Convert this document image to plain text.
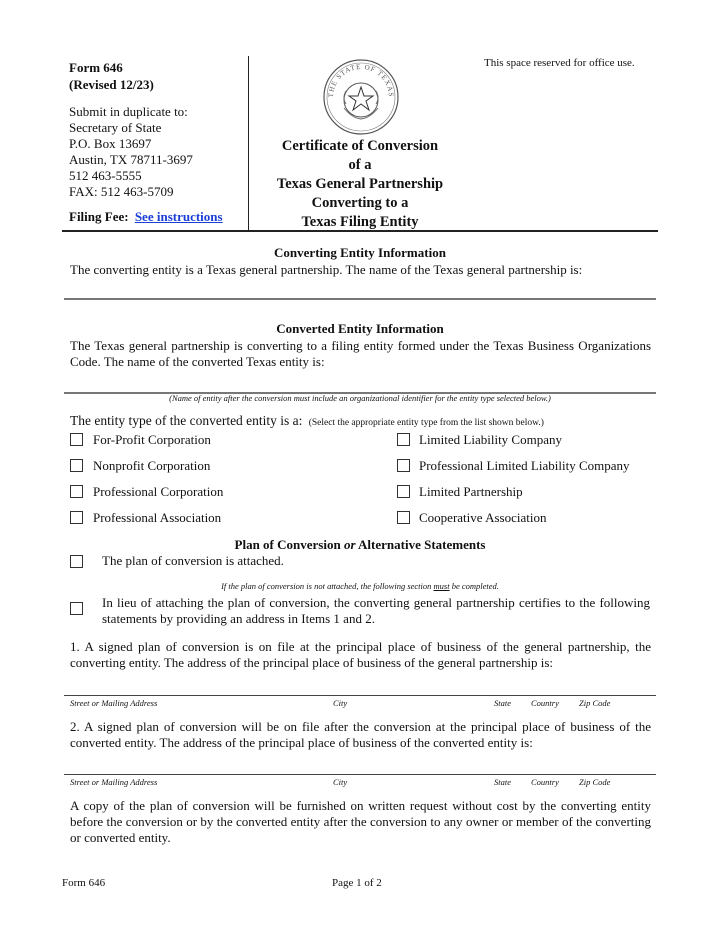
Form 646
(Revised 12/23)
Submit in duplicate to:
Secretary of State
P.O. Box 13697
Austin, TX 78711-3697
512 463-5555
FAX: 512 463-5709
Filing Fee: See instructions
This space reserved for office use.
THE STATE OF TEXAS
Certificate of Conversion
of a
Texas General Partnership
Converting to a
Texas Filing Entity
Converting Entity Information
The converting entity is a Texas general partnership. The name of the Texas general partnership is:
Converted Entity Information
The Texas general partnership is converting to a filing entity formed under the Texas Business Organizations Code. The name of the converted Texas entity is:
(Name of entity after the conversion must include an organizational identifier for the entity type selected below.)
The entity type of the converted entity is a: (Select the appropriate entity type from the list shown below.)
For-Profit Corporation
Nonprofit Corporation
Professional Corporation
Professional Association
Limited Liability Company
Professional Limited Liability Company
Limited Partnership
Cooperative Association
Plan of Conversion or Alternative Statements
The plan of conversion is attached.
If the plan of conversion is not attached, the following section must be completed.
In lieu of attaching the plan of conversion, the converting general partnership certifies to the following statements by providing an address in Items 1 and 2.
1. A signed plan of conversion is on file at the principal place of business of the general partnership, the converting entity. The address of the principal place of business of the general partnership is:
Street or Mailing Address	City	State Country Zip Code
2. A signed plan of conversion will be on file after the conversion at the principal place of business of the converted entity. The address of the principal place of business of the converted entity is:
Street or Mailing Address	City	State Country Zip Code
A copy of the plan of conversion will be furnished on written request without cost by the converting entity before the conversion or by the converted entity after the conversion to any owner or member of the converting or converted entity.
Form 646	Page 1 of 2
